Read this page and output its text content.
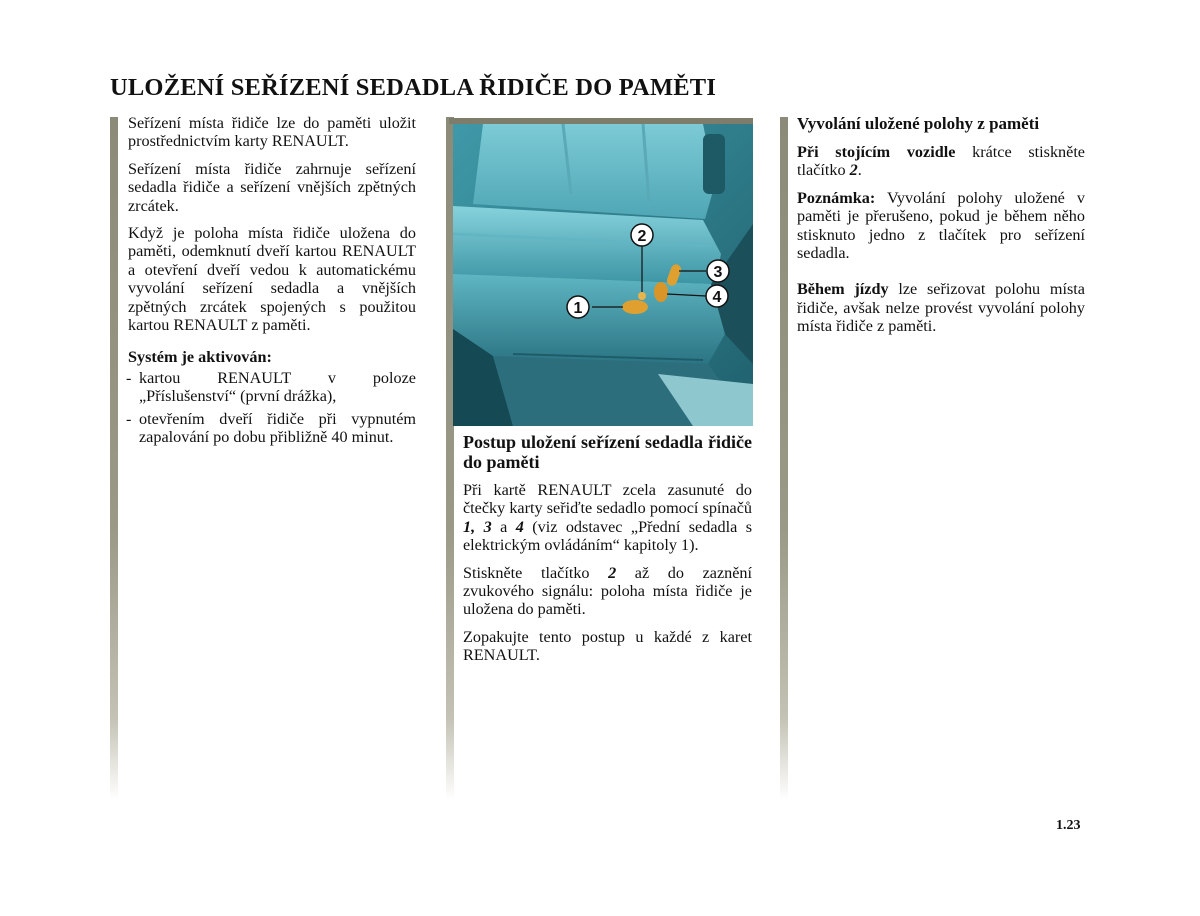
ULOŽENÍ SEŘÍZENÍ SEDADLA ŘIDIČE DO PAMĚTI

Seřízení místa řidiče lze do paměti uložit prostřednictvím karty RENAULT.

Seřízení místa řidiče zahrnuje seřízení sedadla řidiče a seřízení vnějších zpětných zrcátek.

Když je poloha místa řidiče uložena do paměti, odemknutí dveří kartou RENAULT a otevření dveří vedou k automatickému vyvolání seřízení sedadla a vnějších zpětných zrcátek spojených s použitou kartou RENAULT z paměti.

Systém je aktivován:

- kartou RENAULT v poloze „Příslušenství“ (první drážka),
- otevřením dveří řidiče při vypnutém zapalování po dobu přibližně 40 minut.
1
2
3
4

Postup uložení seřízení sedadla řidiče do paměti

Při kartě RENAULT zcela zasunuté do čtečky karty seřiďte sedadlo pomocí spínačů 1, 3 a 4 (viz odstavec „Přední sedadla s elektrickým ovládáním“ kapitoly 1).

Stiskněte tlačítko 2 až do zaznění zvukového signálu: poloha místa řidiče je uložena do paměti.

Zopakujte tento postup u každé z karet RENAULT.

Vyvolání uložené polohy z paměti

Při stojícím vozidle krátce stiskněte tlačítko 2.

Poznámka: Vyvolání polohy uložené v paměti je přerušeno, pokud je během něho stisknuto jedno z tlačítek pro seřízení sedadla.

Během jízdy lze seřizovat polohu místa řidiče, avšak nelze provést vyvolání polohy místa řidiče z paměti.

1.23
